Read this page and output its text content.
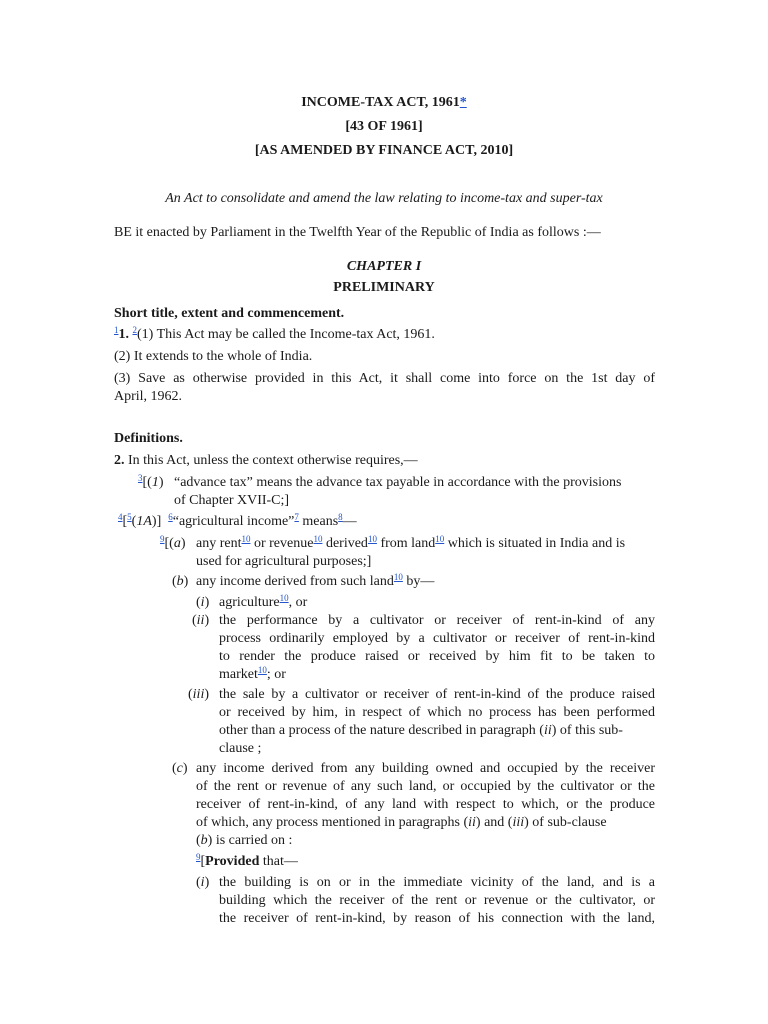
INCOME-TAX ACT, 1961*
[43 OF 1961]
[AS AMENDED BY FINANCE ACT, 2010]
An Act to consolidate and amend the law relating to income-tax and super-tax
BE it enacted by Parliament in the Twelfth Year of the Republic of India as follows :—
CHAPTER I
PRELIMINARY
Short title, extent and commencement.
$^1$1. $^2$(1) This Act may be called the Income-tax Act, 1961.
(2) It extends to the whole of India.
(3) Save as otherwise provided in this Act, it shall come into force on the 1st day of
April, 1962.
Definitions.
2. In this Act, unless the context otherwise requires,—
$^3$[(1) “advance tax” means the advance tax payable in accordance with the provisions
of Chapter XVII-C;]
$^4$[$^5$(1A)] $^6$“agricultural income”$^7$ means$^8$—
$^9$[(a) any rent$^{10}$ or revenue$^{10}$ derived$^{10}$ from land$^{10}$ which is situated in India and is
used for agricultural purposes;]
(b) any income derived from such land$^{10}$ by—
(i) agriculture$^{10}$, or
(ii) the performance by a cultivator or receiver of rent-in-kind of any
process ordinarily employed by a cultivator or receiver of rent-in-kind
to render the produce raised or received by him fit to be taken to
market$^{10}$; or
(iii) the sale by a cultivator or receiver of rent-in-kind of the produce raised
or received by him, in respect of which no process has been performed
other than a process of the nature described in paragraph (ii) of this sub-
clause ;
(c) any income derived from any building owned and occupied by the receiver
of the rent or revenue of any such land, or occupied by the cultivator or the
receiver of rent-in-kind, of any land with respect to which, or the produce
of which, any process mentioned in paragraphs (ii) and (iii) of sub-clause
(b) is carried on :
$^9$[Provided that—
(i) the building is on or in the immediate vicinity of the land, and is a
building which the receiver of the rent or revenue or the cultivator, or
the receiver of rent-in-kind, by reason of his connection with the land,
